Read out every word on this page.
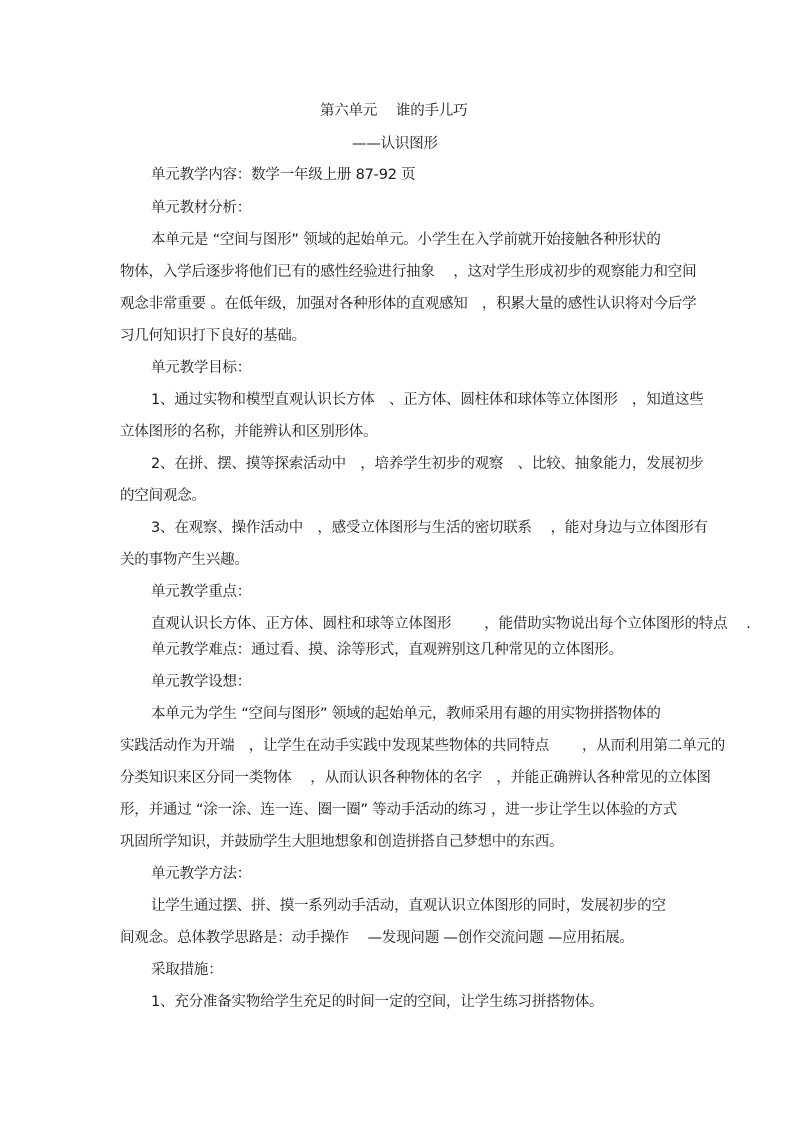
第六单元　 谁的手儿巧
——认识图形
单元教学内容：数学一年级上册 87-92 页
单元教材分析：
本单元是 “空间与图形” 领域的起始单元。小学生在入学前就开始接触各种形状的
物体，入学后逐步将他们已有的感性经验进行抽象　 ，这对学生形成初步的观察能力和空间
观念非常重要 。在低年级，加强对各种形体的直观感知　，积累大量的感性认识将对今后学
习几何知识打下良好的基础。
单元教学目标：
1、通过实物和模型直观认识长方体　、正方体、圆柱体和球体等立体图形　，知道这些
立体图形的名称，并能辨认和区别形体。
2、在拼、摆、摸等探索活动中　，培养学生初步的观察　、比较、抽象能力，发展初步
的空间观念。
3、在观察、操作活动中　，感受立体图形与生活的密切联系　 ，能对身边与立体图形有
关的事物产生兴趣。
单元教学重点：
直观认识长方体、正方体、圆柱和球等立体图形　　 ，能借助实物说出每个立体图形的特点　 .
单元教学难点：通过看、摸、涂等形式，直观辨别这几种常见的立体图形。
单元教学设想：
本单元为学生 “空间与图形” 领域的起始单元，教师采用有趣的用实物拼搭物体的
实践活动作为开端　，让学生在动手实践中发现某些物体的共同特点　 　，从而利用第二单元的
分类知识来区分同一类物体　 ，从而认识各种物体的名字　，并能正确辨认各种常见的立体图
形，并通过 “涂一涂、连一连、圈一圈” 等动手活动的练习 ，进一步让学生以体验的方式
巩固所学知识，并鼓励学生大胆地想象和创造拼搭自己梦想中的东西。
单元教学方法：
让学生通过摆、拼、摸一系列动手活动，直观认识立体图形的同时，发展初步的空
间观念。总体教学思路是：动手操作　 —发现问题 —创作交流问题 —应用拓展。
采取措施：
1、充分准备实物给学生充足的时间一定的空间，让学生练习拼搭物体。
